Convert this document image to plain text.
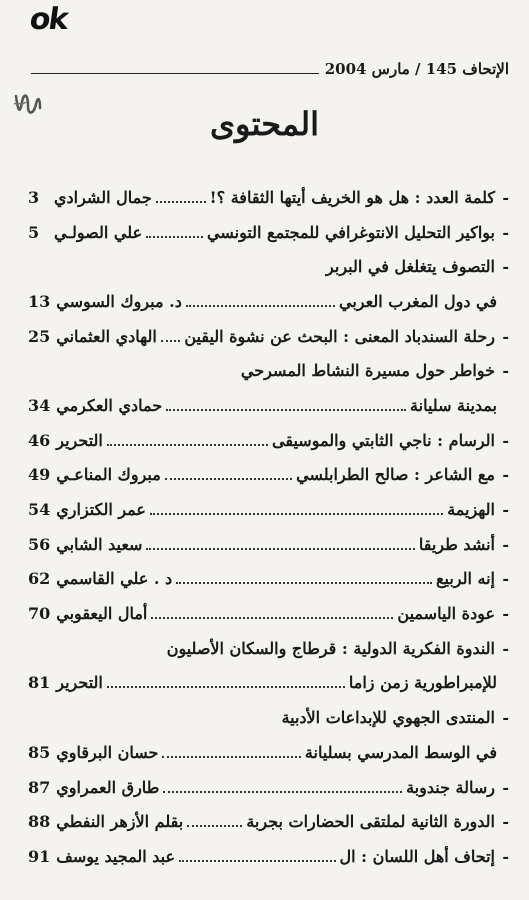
ok
الإتحاف 145 / مارس 2004
المحتوى
-
كلمة العدد : هل هو الخريف أيتها الثقافة ؟!
جمال الشرادي
3
-
بواكير التحليل الانتوغرافي للمجتمع التونسي
علي الصولـي
5
-
التصوف يتغلغل في البربر
في دول المغرب العربي
د. مبروك السوسي
13
-
رحلة السندباد المعنى : البحث عن نشوة اليقين
الهادي العثماني
25
-
خواطر حول مسيرة النشاط المسرحي
بمدينة سليانة
حمادي العكرمي
34
-
الرسام : ناجي الثابتي والموسيقى
التحرير
46
-
مع الشاعر : صالح الطرابلسي
مبروك المناعـي
49
-
الهزيمة
عمر الكتزاري
54
-
أنشد طريقا
سعيد الشابي
56
-
إنه الربيع
د . علي القاسمي
62
-
عودة الياسمين
أمال اليعقوبي
70
-
الندوة الفكرية الدولية : قرطاج والسكان الأصليون
للإمبراطورية زمن زاما
التحرير
81
-
المنتدى الجهوي للإبداعات الأدبية
في الوسط المدرسي بسليانة
حسان البرقاوي
85
-
رسالة جندوبة
طارق العمراوي
87
-
الدورة الثانية لملتقى الحضارات بجربة
بقلم الأزهر النفطي
88
-
إتحاف أهل اللسان : ال
عبد المجيد يوسف
91
